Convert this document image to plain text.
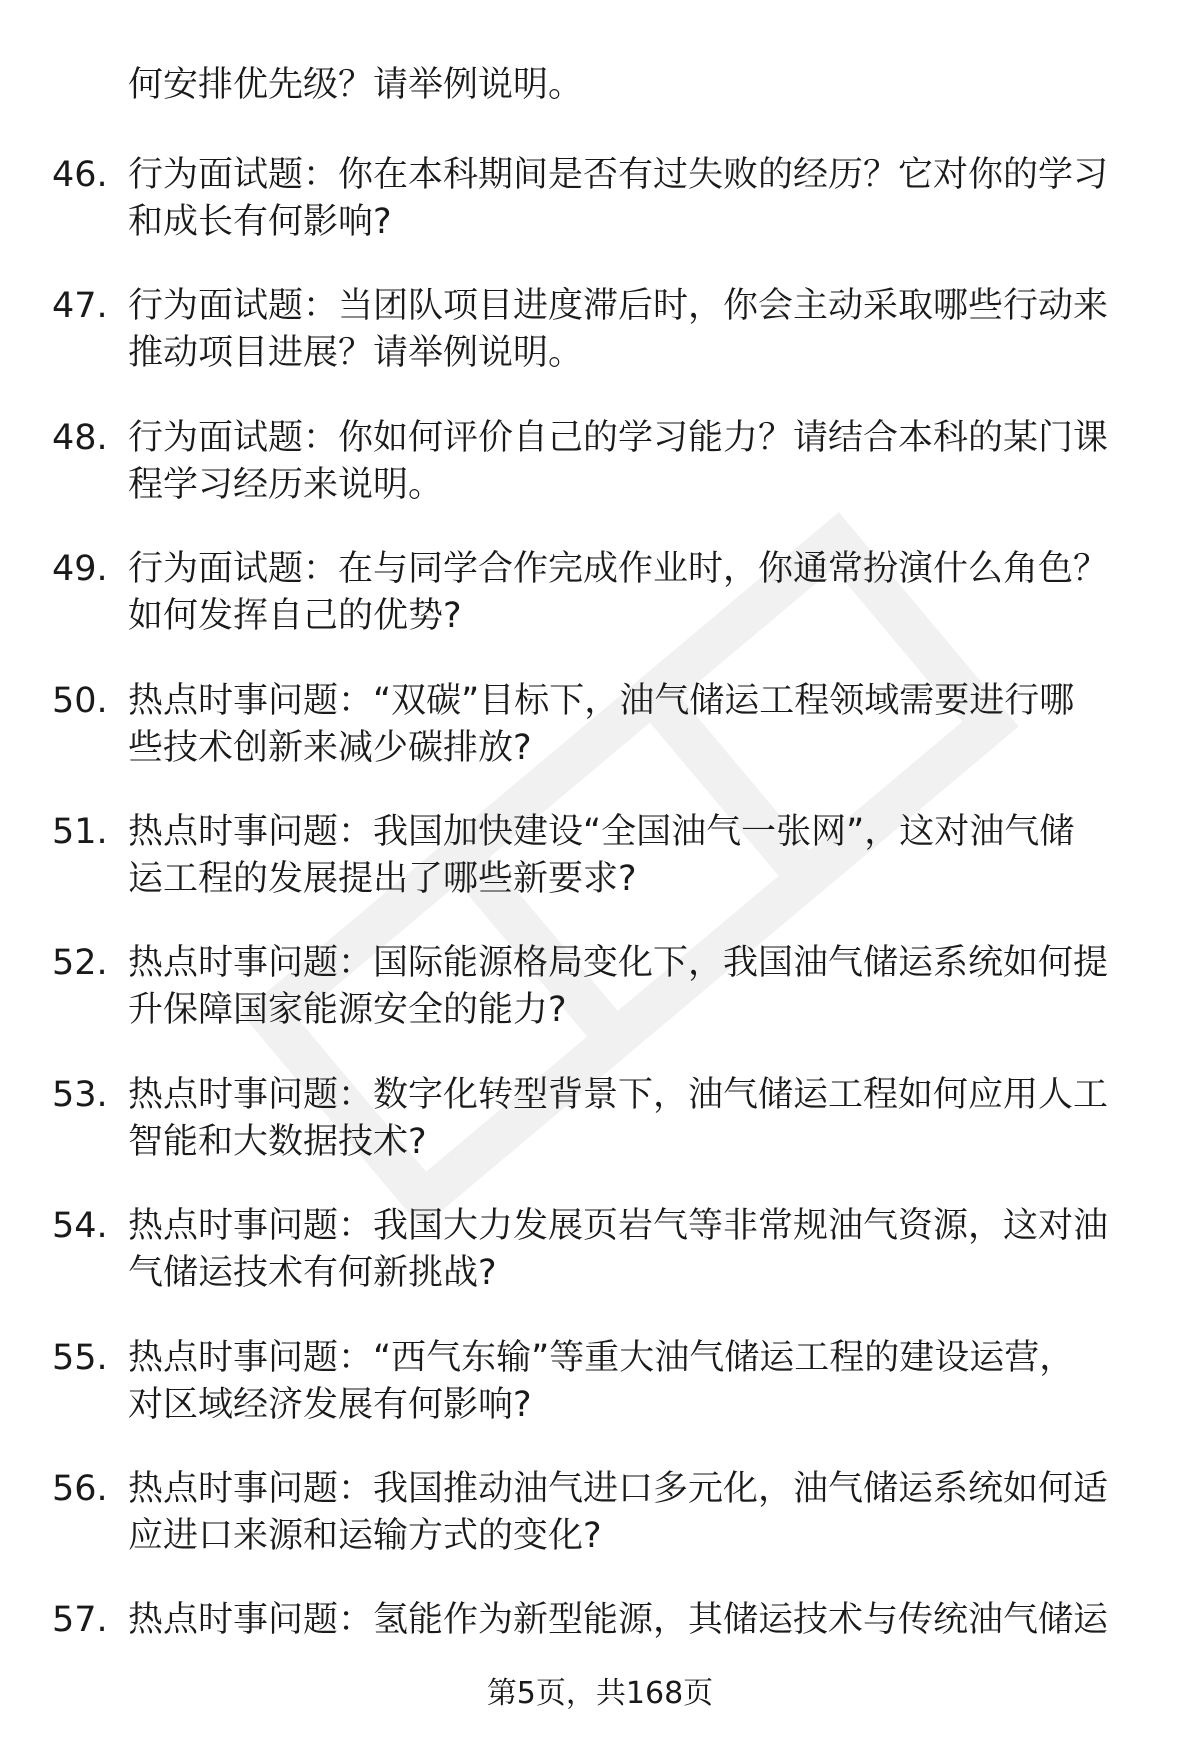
何安排优先级？请举例说明。
46. 行为面试题：你在本科期间是否有过失败的经历？它对你的学习
和成长有何影响?
47. 行为面试题：当团队项目进度滞后时，你会主动采取哪些行动来
推动项目进展？请举例说明。
48. 行为面试题：你如何评价自己的学习能力？请结合本科的某门课
程学习经历来说明。
49. 行为面试题：在与同学合作完成作业时，你通常扮演什么角色？
如何发挥自己的优势?
50. 热点时事问题：“双碳”目标下，油气储运工程领域需要进行哪
些技术创新来减少碳排放?
51. 热点时事问题：我国加快建设“全国油气一张网”，这对油气储
运工程的发展提出了哪些新要求?
52. 热点时事问题：国际能源格局变化下，我国油气储运系统如何提
升保障国家能源安全的能力?
53. 热点时事问题：数字化转型背景下，油气储运工程如何应用人工
智能和大数据技术?
54. 热点时事问题：我国大力发展页岩气等非常规油气资源，这对油
气储运技术有何新挑战?
55. 热点时事问题：“西气东输”等重大油气储运工程的建设运营，
对区域经济发展有何影响?
56. 热点时事问题：我国推动油气进口多元化，油气储运系统如何适
应进口来源和运输方式的变化?
57. 热点时事问题：氢能作为新型能源，其储运技术与传统油气储运
第5页，共168页
